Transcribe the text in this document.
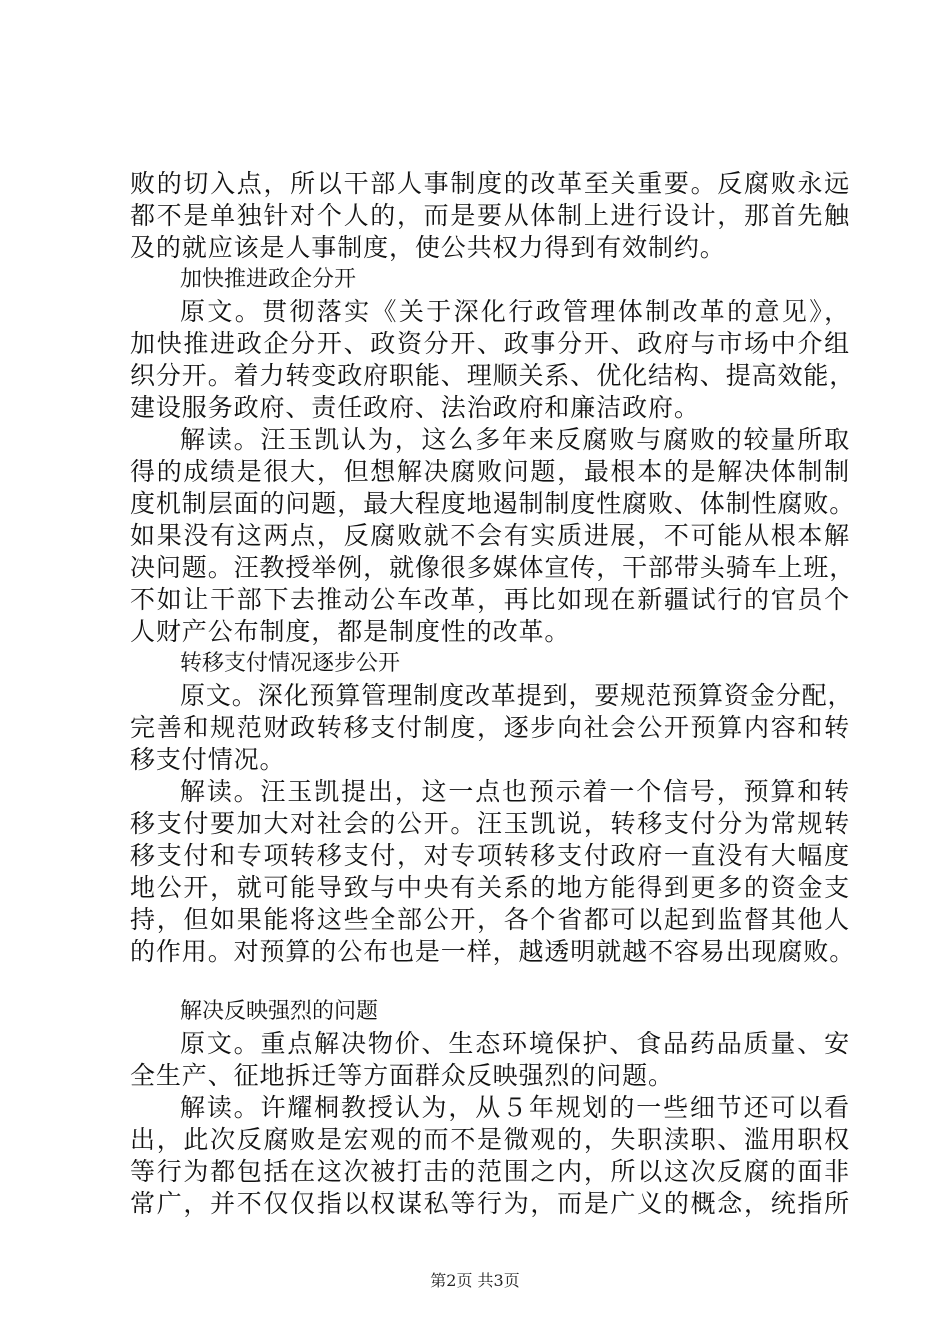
败的切入点，所以干部人事制度的改革至关重要。反腐败永远
都不是单独针对个人的，而是要从体制上进行设计，那首先触
及的就应该是人事制度，使公共权力得到有效制约。
加快推进政企分开
原文。贯彻落实《关于深化行政管理体制改革的意见》，
加快推进政企分开、政资分开、政事分开、政府与市场中介组
织分开。着力转变政府职能、理顺关系、优化结构、提高效能，
建设服务政府、责任政府、法治政府和廉洁政府。
解读。汪玉凯认为，这么多年来反腐败与腐败的较量所取
得的成绩是很大，但想解决腐败问题，最根本的是解决体制制
度机制层面的问题，最大程度地遏制制度性腐败、体制性腐败。
如果没有这两点，反腐败就不会有实质进展，不可能从根本解
决问题。汪教授举例，就像很多媒体宣传，干部带头骑车上班，
不如让干部下去推动公车改革，再比如现在新疆试行的官员个
人财产公布制度，都是制度性的改革。
转移支付情况逐步公开
原文。深化预算管理制度改革提到，要规范预算资金分配，
完善和规范财政转移支付制度，逐步向社会公开预算内容和转
移支付情况。
解读。汪玉凯提出，这一点也预示着一个信号，预算和转
移支付要加大对社会的公开。汪玉凯说，转移支付分为常规转
移支付和专项转移支付，对专项转移支付政府一直没有大幅度
地公开，就可能导致与中央有关系的地方能得到更多的资金支
持，但如果能将这些全部公开，各个省都可以起到监督其他人
的作用。对预算的公布也是一样，越透明就越不容易出现腐败。
解决反映强烈的问题
原文。重点解决物价、生态环境保护、食品药品质量、安
全生产、征地拆迁等方面群众反映强烈的问题。
解读。许耀桐教授认为，从５年规划的一些细节还可以看
出，此次反腐败是宏观的而不是微观的，失职渎职、滥用职权
等行为都包括在这次被打击的范围之内，所以这次反腐的面非
常广，并不仅仅指以权谋私等行为，而是广义的概念，统指所
第2页 共3页
